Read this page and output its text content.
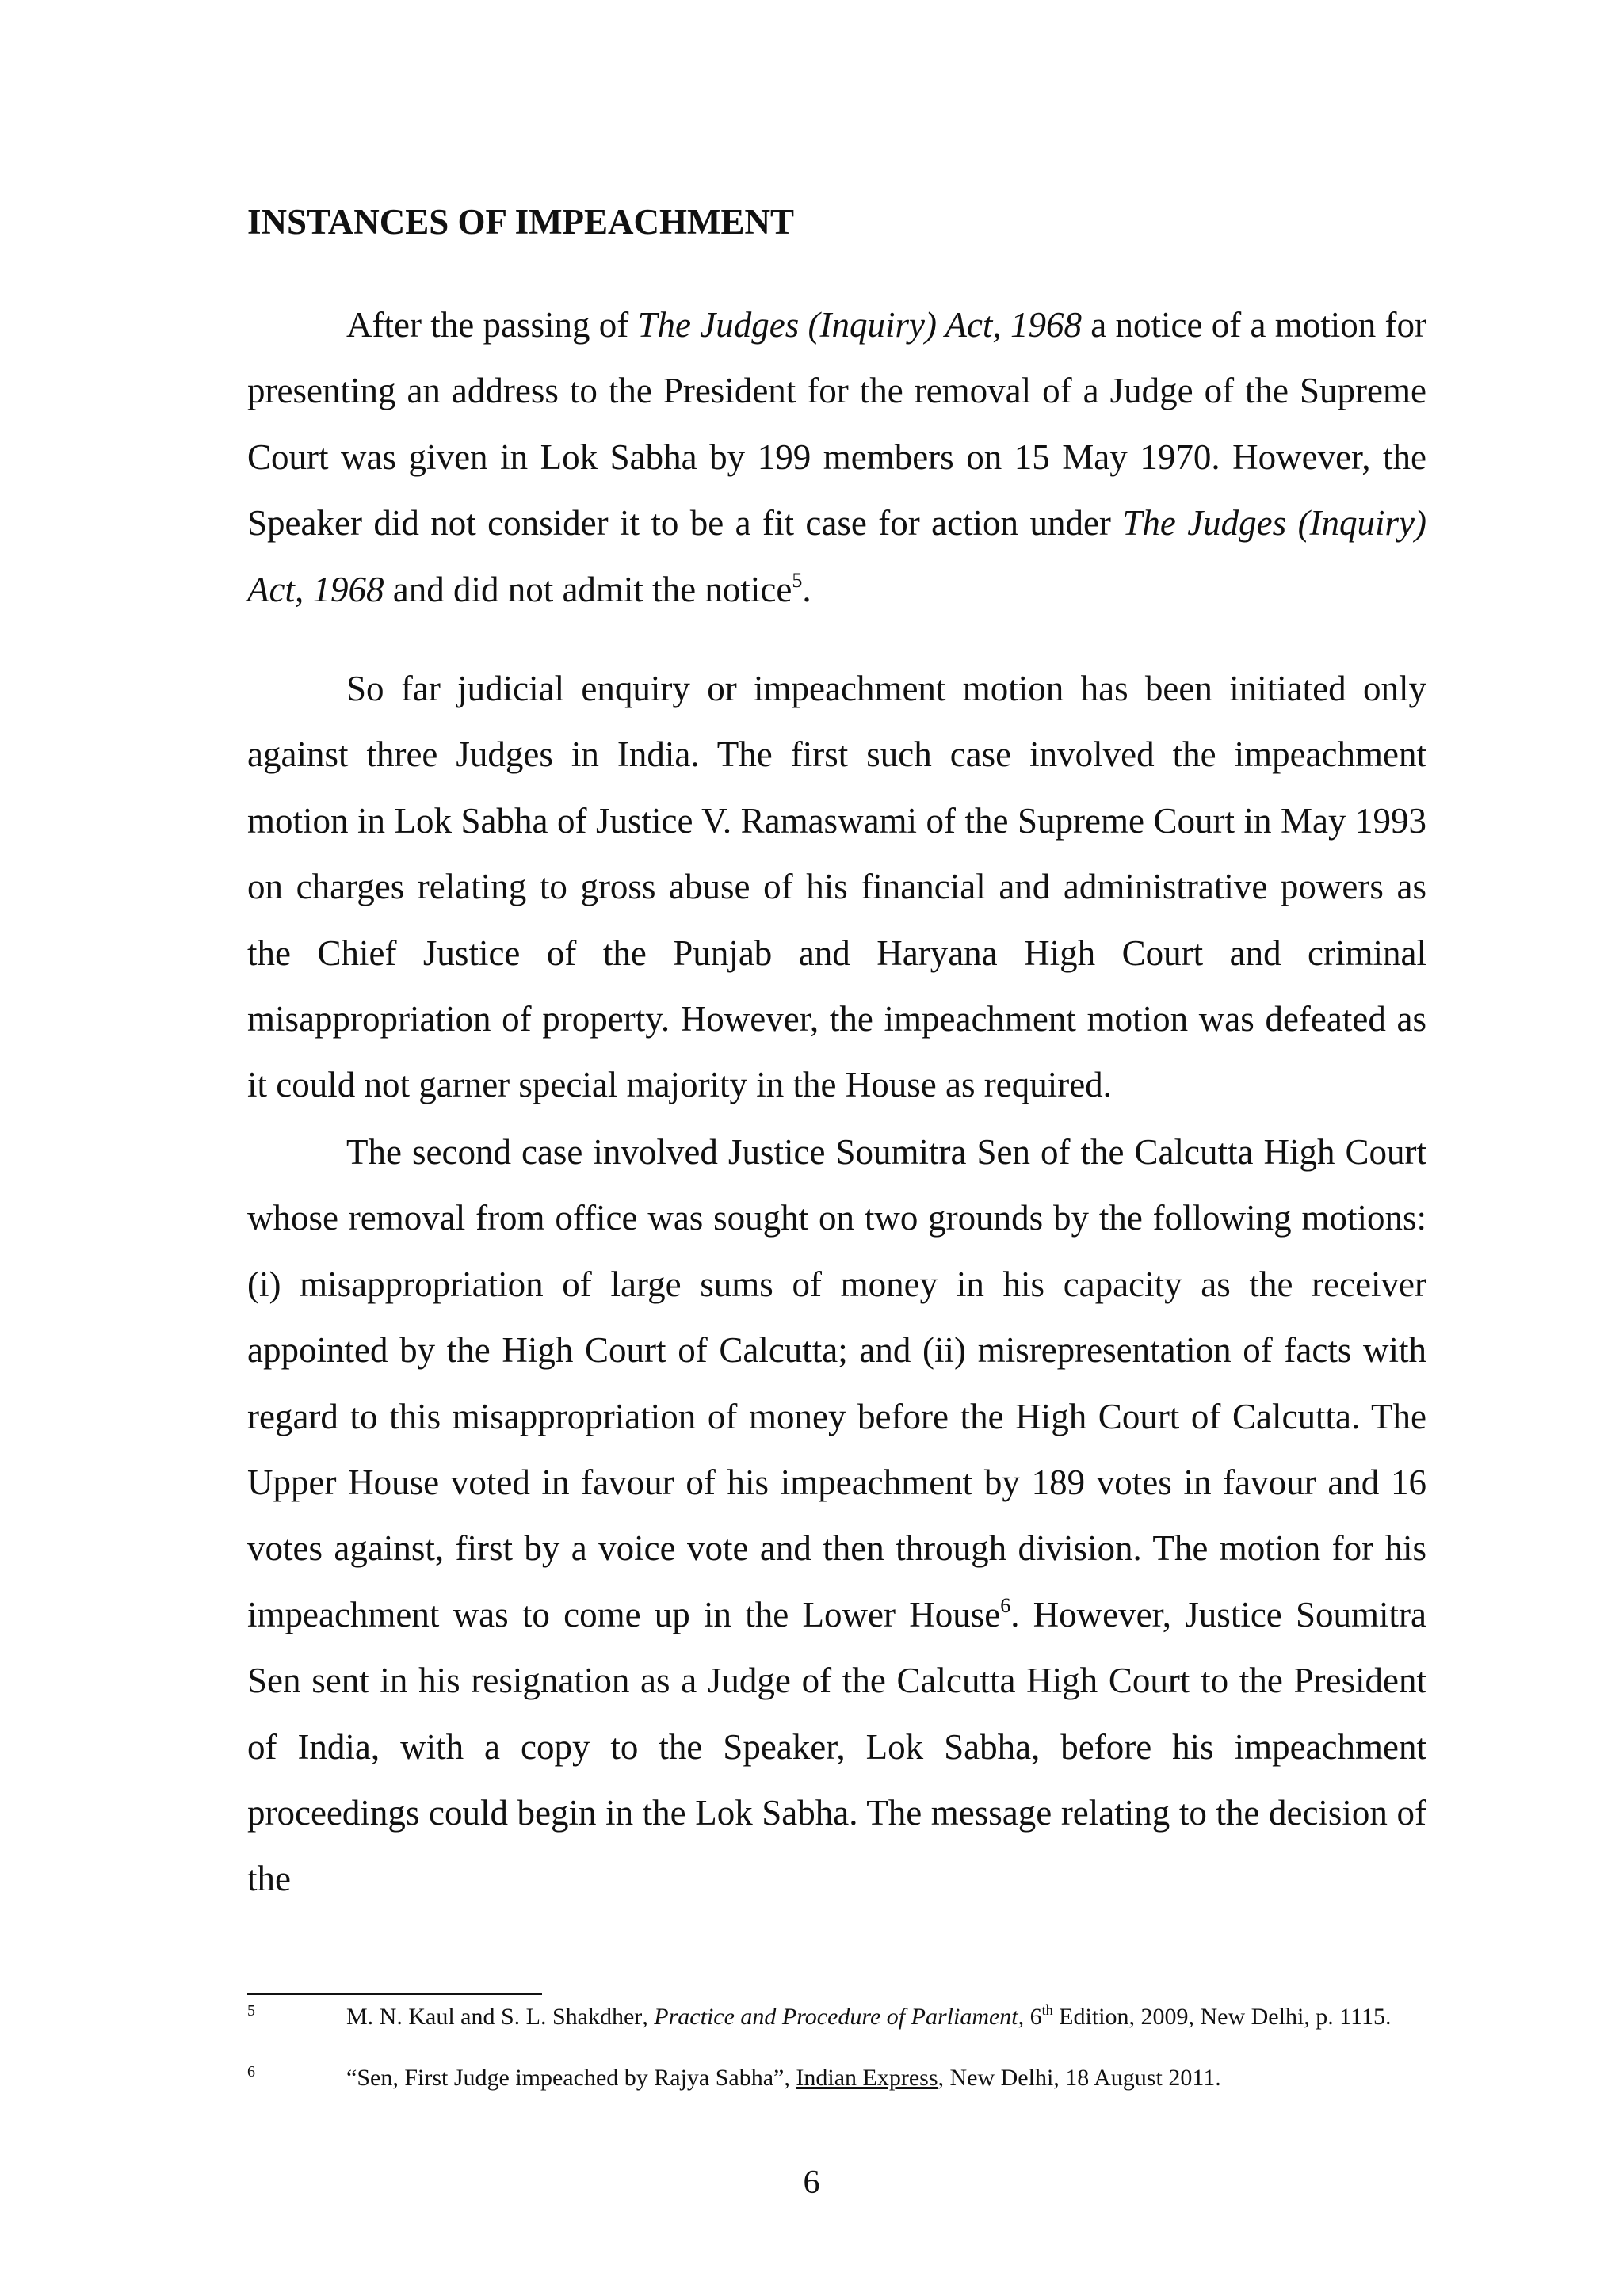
INSTANCES OF IMPEACHMENT

After the passing of The Judges (Inquiry) Act, 1968 a notice of a motion for presenting an address to the President for the removal of a Judge of the Supreme Court was given in Lok Sabha by 199 members on 15 May 1970. However, the Speaker did not consider it to be a fit case for action under The Judges (Inquiry) Act, 1968 and did not admit the notice$^5$.

So far judicial enquiry or impeachment motion has been initiated only against three Judges in India. The first such case involved the impeachment motion in Lok Sabha of Justice V. Ramaswami of the Supreme Court in May 1993 on charges relating to gross abuse of his financial and administrative powers as the Chief Justice of the Punjab and Haryana High Court and criminal misappropriation of property. However, the impeachment motion was defeated as it could not garner special majority in the House as required.

The second case involved Justice Soumitra Sen of the Calcutta High Court whose removal from office was sought on two grounds by the following motions: (i) misappropriation of large sums of money in his capacity as the receiver appointed by the High Court of Calcutta; and (ii) misrepresentation of facts with regard to this misappropriation of money before the High Court of Calcutta. The Upper House voted in favour of his impeachment by 189 votes in favour and 16 votes against, first by a voice vote and then through division. The motion for his impeachment was to come up in the Lower House$^6$. However, Justice Soumitra Sen sent in his resignation as a Judge of the Calcutta High Court to the President of India, with a copy to the Speaker, Lok Sabha, before his impeachment proceedings could begin in the Lok Sabha. The message relating to the decision of the

5	M. N. Kaul and S. L. Shakdher, Practice and Procedure of Parliament, 6th Edition, 2009, New Delhi, p. 1115.
6	“Sen, First Judge impeached by Rajya Sabha”, Indian Express, New Delhi, 18 August 2011.
6
